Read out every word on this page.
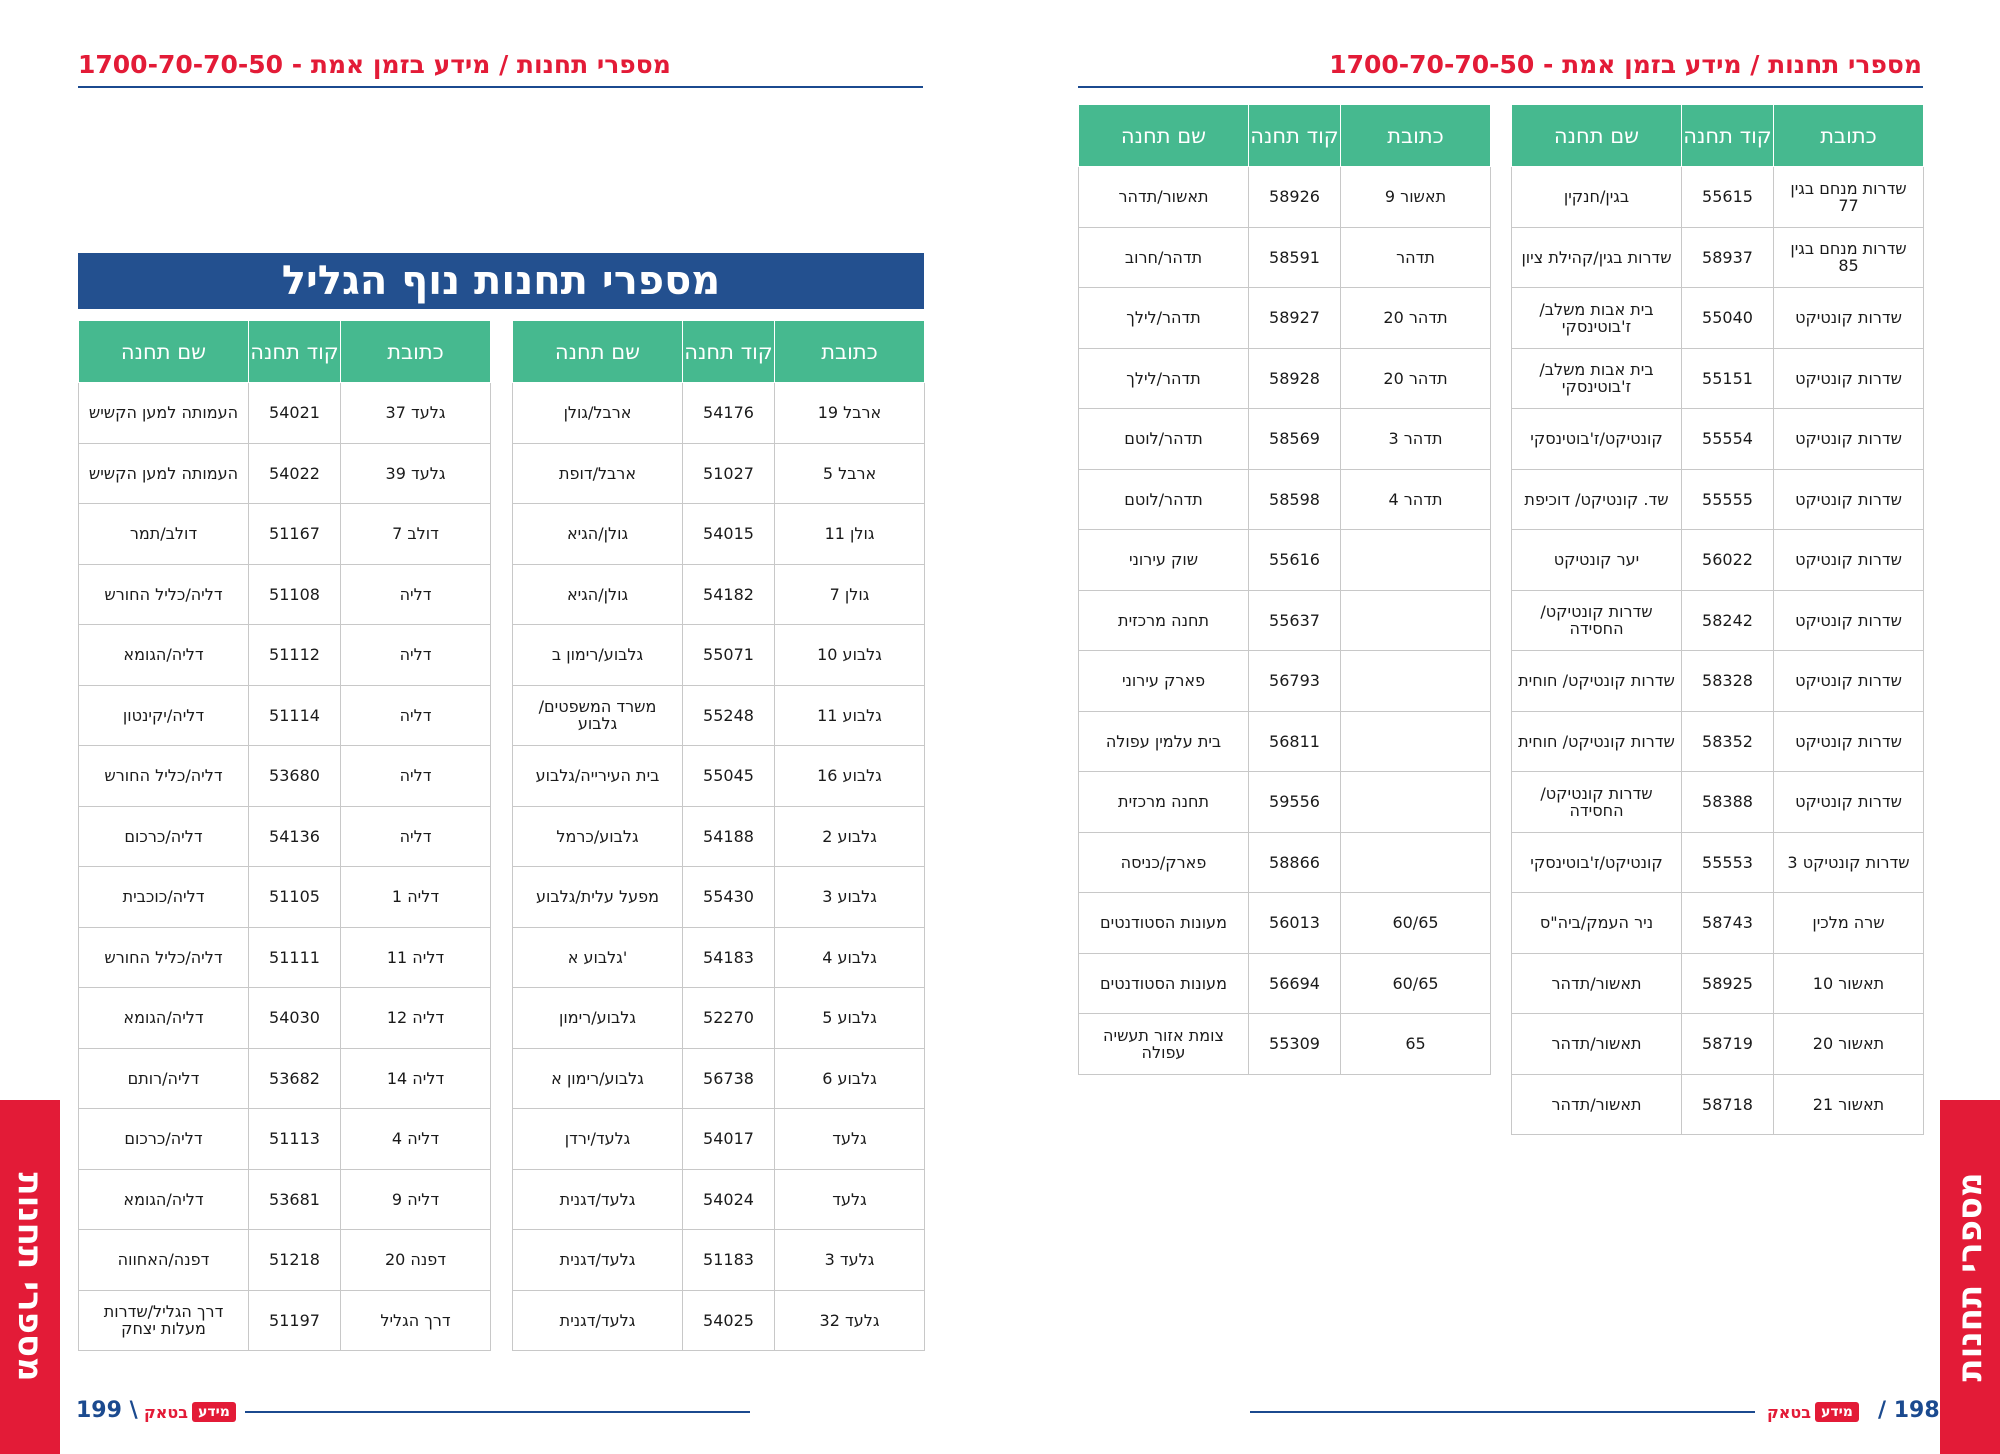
מספרי תחנות / מידע בזמן אמת - 1700-70-70-50
מספרי תחנות / מידע בזמן אמת - 1700-70-70-50
מספרי תחנות	מספרי תחנות
מספרי תחנות נוף הגליל
כתובת	קוד תחנה	שם תחנה
שדרות מנחם בגין 77	55615	בגין/חנקין
שדרות מנחם בגין 85	58937	שדרות בגין/קהילת ציון
שדרות קונטיקט	55040	בית אבות משלב/ ז'בוטינסקי
שדרות קונטיקט	55151	בית אבות משלב/ ז'בוטינסקי
שדרות קונטיקט	55554	קונטיקט/ז'בוטינסקי
שדרות קונטיקט	55555	שד. קונטיקט/ דוכיפת
שדרות קונטיקט	56022	יער קונטיקט
שדרות קונטיקט	58242	שדרות קונטיקט/ החסידה
שדרות קונטיקט	58328	שדרות קונטיקט/ חוחית
שדרות קונטיקט	58352	שדרות קונטיקט/ חוחית
שדרות קונטיקט	58388	שדרות קונטיקט/ החסידה
שדרות קונטיקט 3	55553	קונטיקט/ז'בוטינסקי
שרה מלכין	58743	ניר העמק/ביה"ס
תאשור 10	58925	תאשור/תדהר
תאשור 20	58719	תאשור/תדהר
תאשור 21	58718	תאשור/תדהר
כתובת	קוד תחנה	שם תחנה
תאשור 9	58926	תאשור/תדהר
תדהר	58591	תדהר/חרוב
תדהר 20	58927	תדהר/לילך
תדהר 20	58928	תדהר/לילך
תדהר 3	58569	תדהר/לוטם
תדהר 4	58598	תדהר/לוטם
	55616	שוק עירוני
	55637	תחנה מרכזית
	56793	פארק עירוני
	56811	בית עלמין עפולה
	59556	תחנה מרכזית
	58866	פארק/כניסה
60/65	56013	מעונות הסטודנטים
60/65	56694	מעונות הסטודנטים
65	55309	צומת אזור תעשיה עפולה
כתובת	קוד תחנה	שם תחנה
ארבל 19	54176	ארבל/גולן
ארבל 5	51027	ארבל/דופת
גולן 11	54015	גולן/הגיא
גולן 7	54182	גולן/הגיא
גלבוע 10	55071	גלבוע/רימון ב
גלבוע 11	55248	משרד המשפטים/ גלבוע
גלבוע 16	55045	בית העירייה/גלבוע
גלבוע 2	54188	גלבוע/כרמל
גלבוע 3	55430	מפעל עלית/גלבוע
גלבוע 4	54183	'גלבוע א
גלבוע 5	52270	גלבוע/רימון
גלבוע 6	56738	גלבוע/רימון א
גלעד	54017	גלעד/ירדן
גלעד	54024	גלעד/דגנית
גלעד 3	51183	גלעד/דגנית
גלעד 32	54025	גלעד/דגנית
כתובת	קוד תחנה	שם תחנה
גלעד 37	54021	העמותה למען הקשיש
גלעד 39	54022	העמותה למען הקשיש
דולב 7	51167	דולב/תמר
דליה	51108	דליה/כליל החורש
דליה	51112	דליה/הגומא
דליה	51114	דליה/יקינטון
דליה	53680	דליה/כליל החורש
דליה	54136	דליה/כרכום
דליה 1	51105	דליה/כוכבית
דליה 11	51111	דליה/כליל החורש
דליה 12	54030	דליה/הגומא
דליה 14	53682	דליה/רותם
דליה 4	51113	דליה/כרכום
דליה 9	53681	דליה/הגומא
דפנה 20	51218	דפנה/האחווה
דרך הגליל	51197	דרך הגליל/שדרות מעלות יצחק
מידע
בטאק	/ 198
199 \	מידע
בטאק
